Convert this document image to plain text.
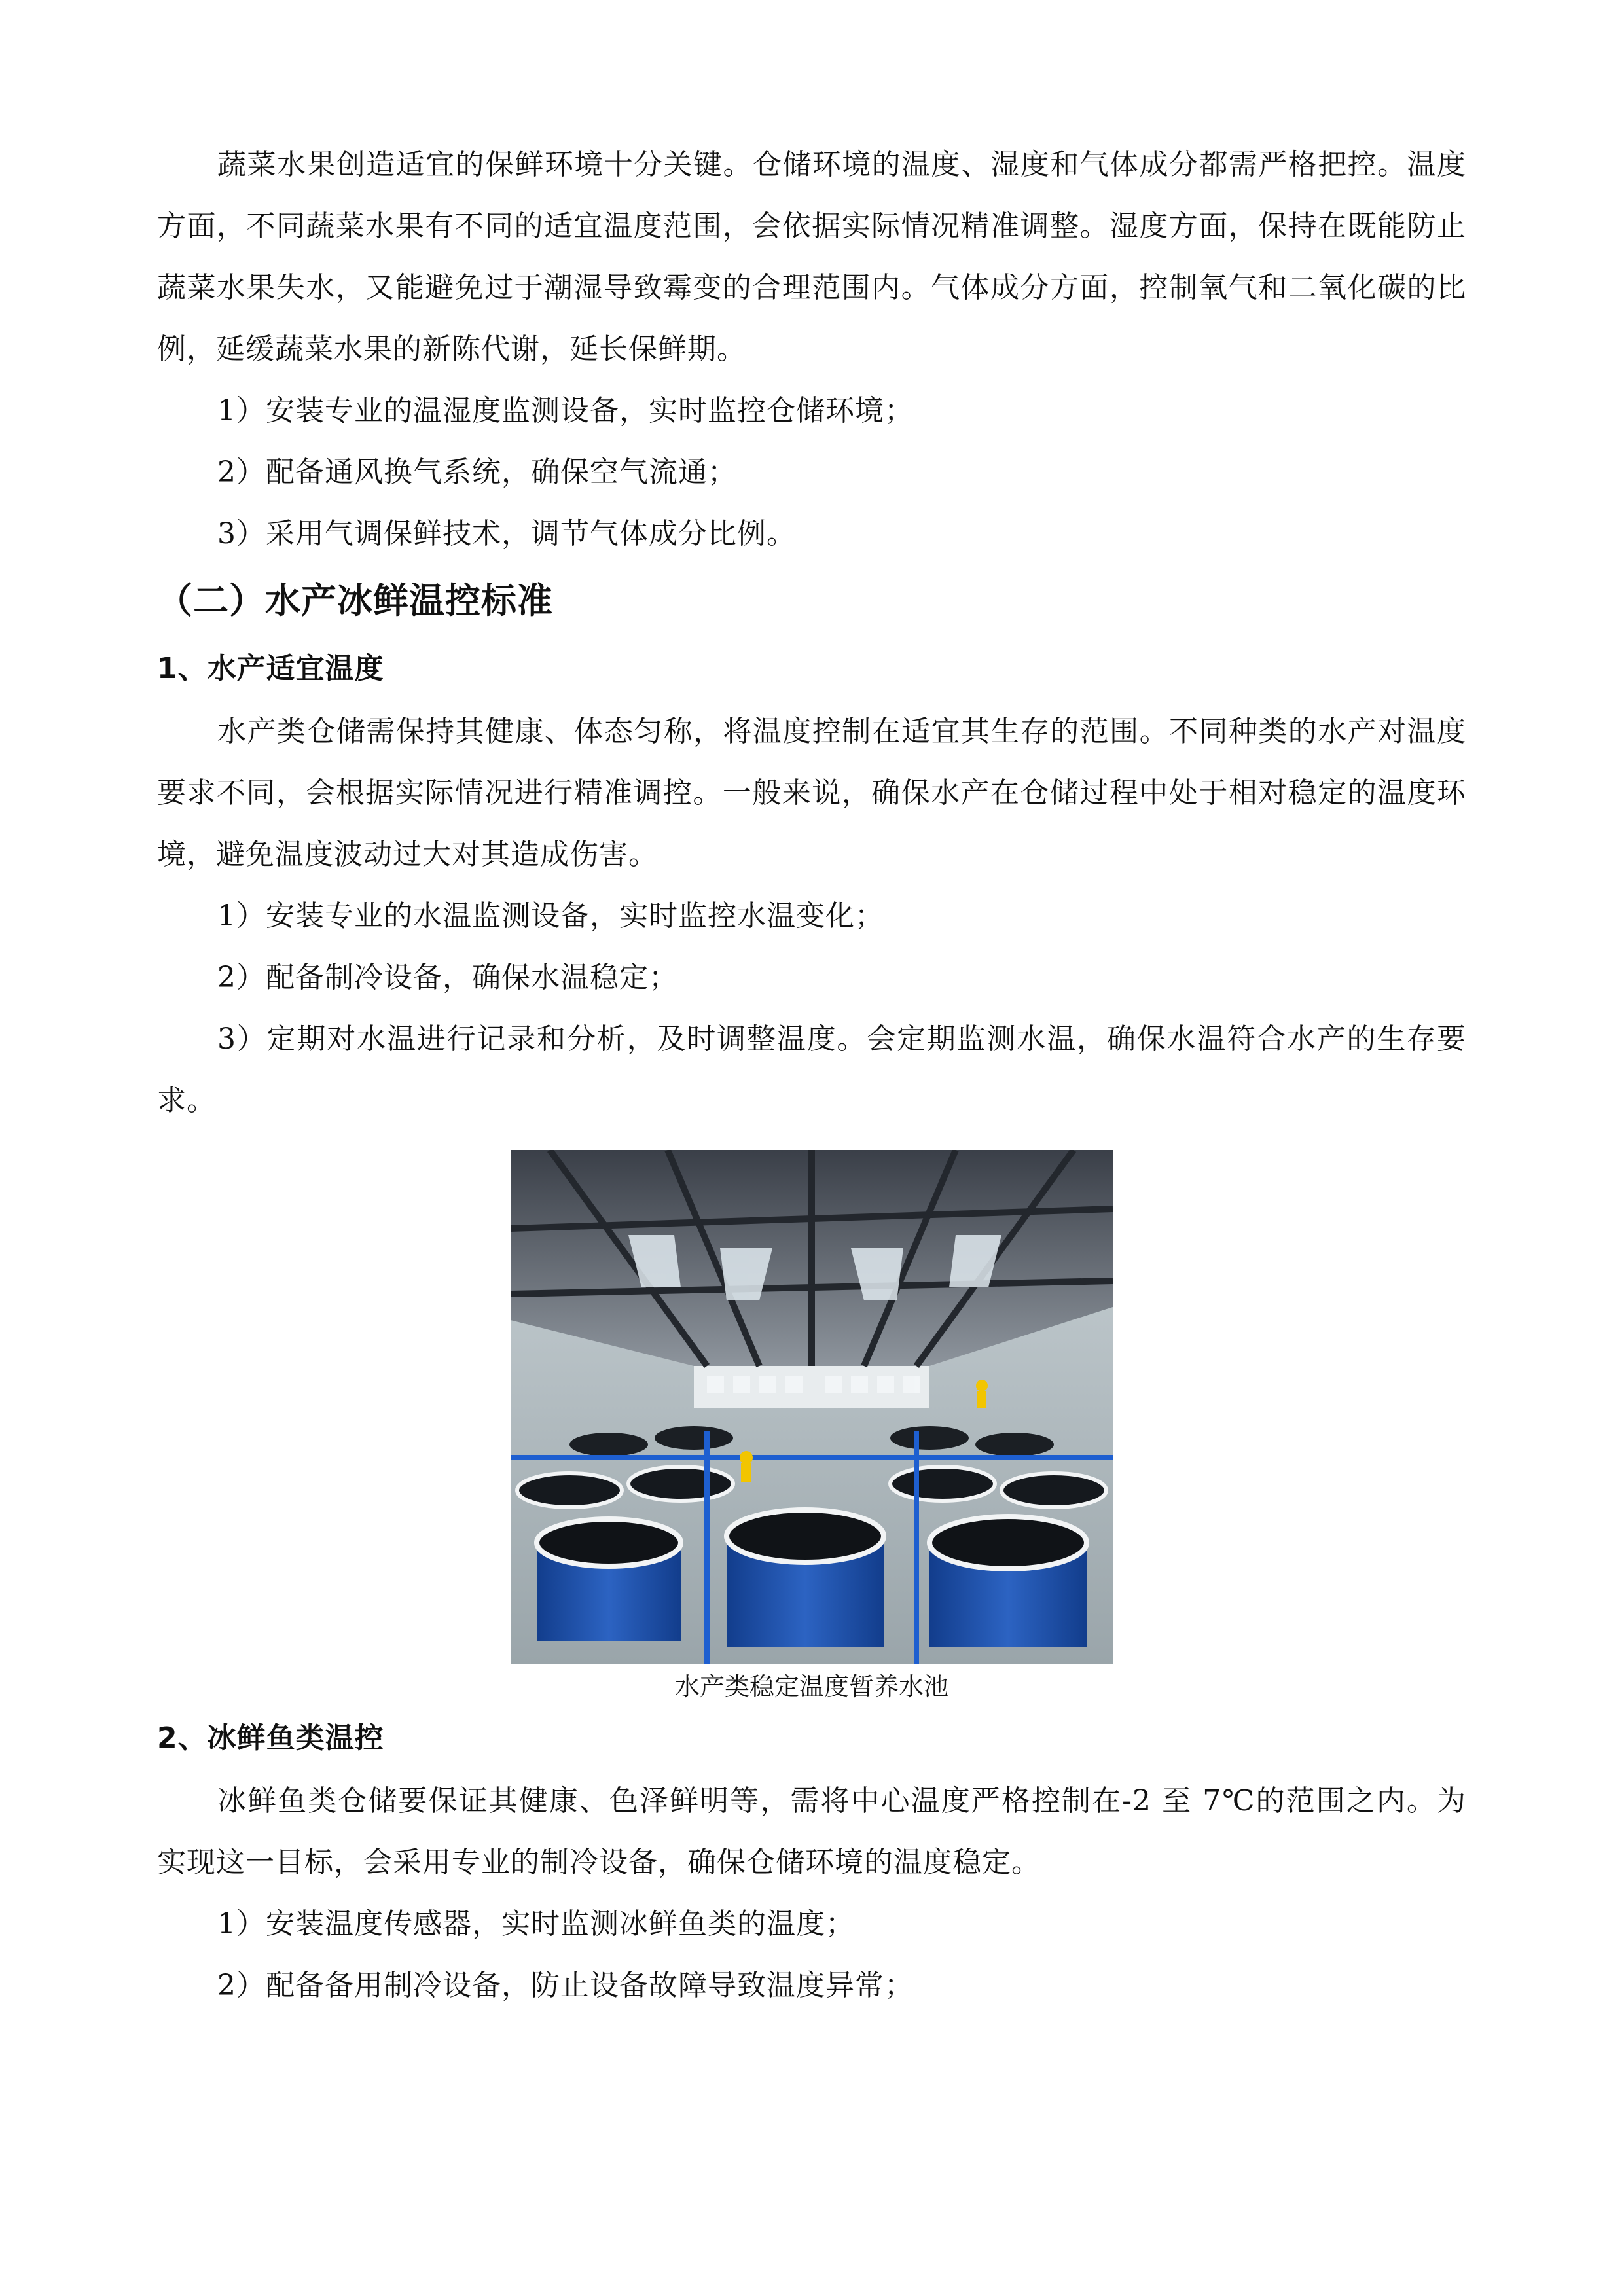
蔬菜水果创造适宜的保鲜环境十分关键。仓储环境的温度、湿度和气体成分都需严格把控。温度方面，不同蔬菜水果有不同的适宜温度范围，会依据实际情况精准调整。湿度方面，保持在既能防止蔬菜水果失水，又能避免过于潮湿导致霉变的合理范围内。气体成分方面，控制氧气和二氧化碳的比例，延缓蔬菜水果的新陈代谢，延长保鲜期。

1）安装专业的温湿度监测设备，实时监控仓储环境；

2）配备通风换气系统，确保空气流通；

3）采用气调保鲜技术，调节气体成分比例。

（二）水产冰鲜温控标准
1、水产适宜温度

水产类仓储需保持其健康、体态匀称，将温度控制在适宜其生存的范围。不同种类的水产对温度要求不同，会根据实际情况进行精准调控。一般来说，确保水产在仓储过程中处于相对稳定的温度环境，避免温度波动过大对其造成伤害。

1）安装专业的水温监测设备，实时监控水温变化；

2）配备制冷设备，确保水温稳定；

3）定期对水温进行记录和分析，及时调整温度。会定期监测水温，确保水温符合水产的生存要求。

水产类稳定温度暂养水池
2、冰鲜鱼类温控

冰鲜鱼类仓储要保证其健康、色泽鲜明等，需将中心温度严格控制在-2 至 7℃的范围之内。为实现这一目标，会采用专业的制冷设备，确保仓储环境的温度稳定。

1）安装温度传感器，实时监测冰鲜鱼类的温度；

2）配备备用制冷设备，防止设备故障导致温度异常；
